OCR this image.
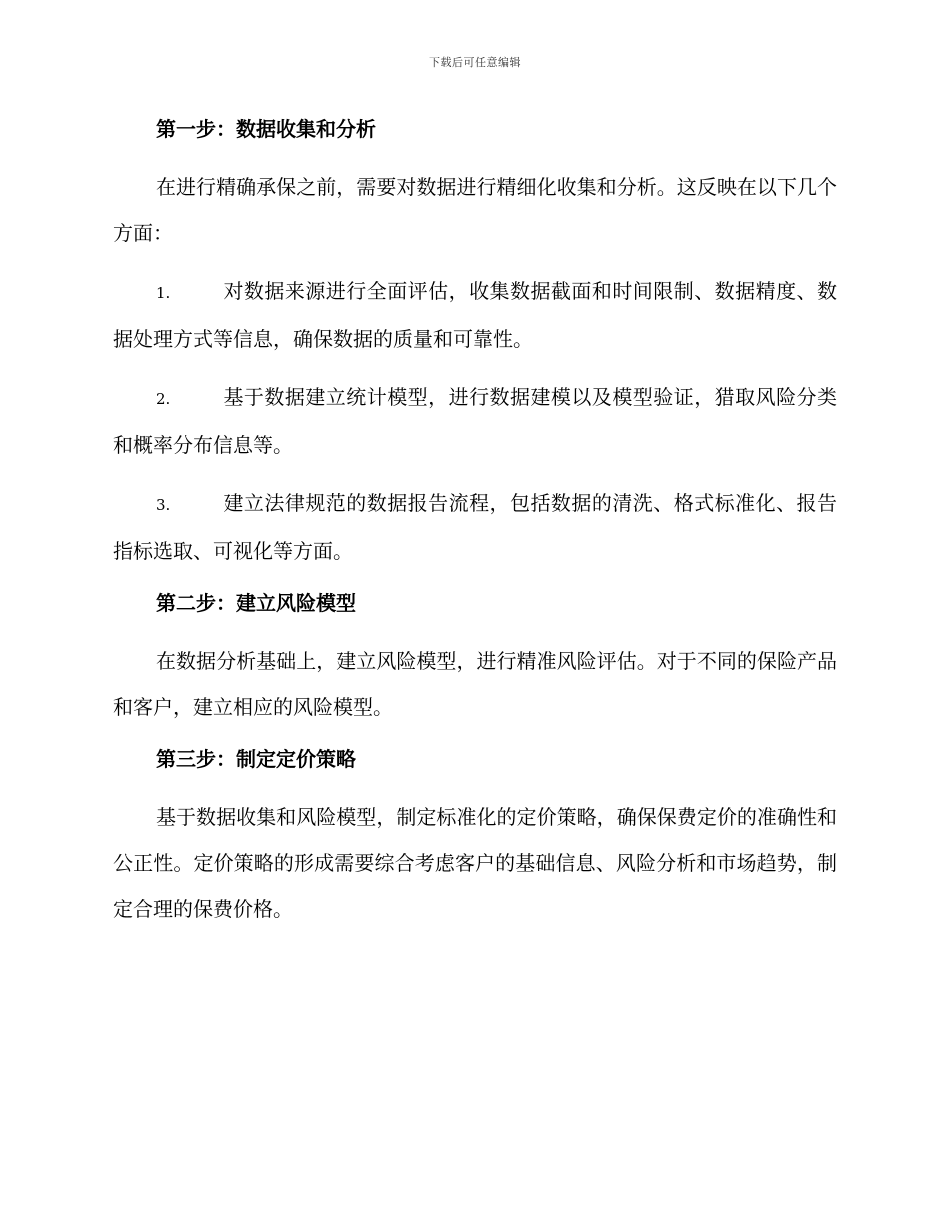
下载后可任意编辑
第一步：数据收集和分析

在进行精确承保之前，需要对数据进行精细化收集和分析。这反映在以下几个方面：

1.	对数据来源进行全面评估，收集数据截面和时间限制、数据精度、数据处理方式等信息，确保数据的质量和可靠性。

2.	基于数据建立统计模型，进行数据建模以及模型验证，猎取风险分类和概率分布信息等。

3.	建立法律规范的数据报告流程，包括数据的清洗、格式标准化、报告指标选取、可视化等方面。

第二步：建立风险模型

在数据分析基础上，建立风险模型，进行精准风险评估。对于不同的保险产品和客户，建立相应的风险模型。

第三步：制定定价策略

基于数据收集和风险模型，制定标准化的定价策略，确保保费定价的准确性和公正性。定价策略的形成需要综合考虑客户的基础信息、风险分析和市场趋势，制定合理的保费价格。
